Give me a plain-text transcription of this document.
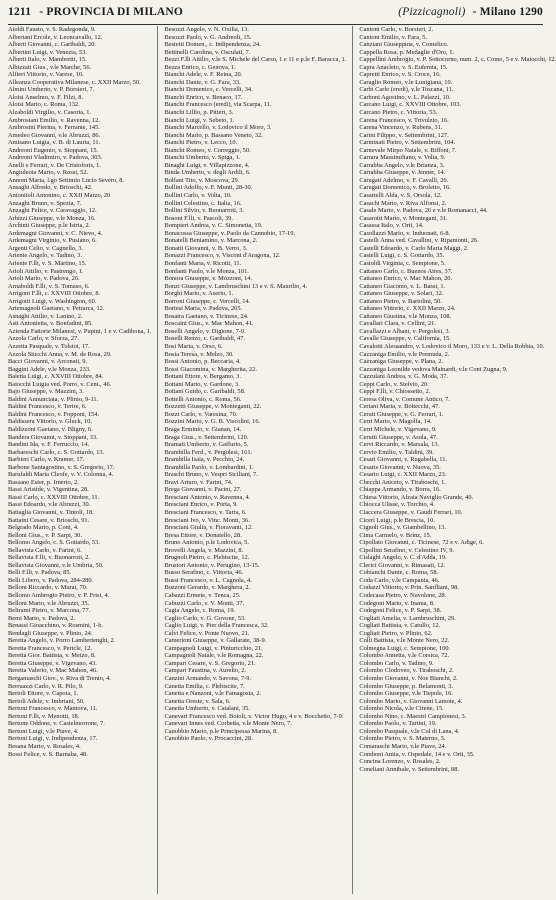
1211 - PROVINCIA DI MILANO	(Pizzicagnoli) - Milano 1290
Aioldi Fausto, v. S. Radegonda, 9.
Albertani Ercole, v. Leoncavallo, 12.
Alberti Giovanni, c. Garibaldi, 20.
Albertini Luigi, v. Venezia, 53.
Alberti Italo, v. Mambretti, 15.
Albizzati Gius., v.le Marche, 56.
Alfieri Vittorio, v. Varese, 10.
Alleanza Cooperativa Milanese, c. XXII Marzo, 50.
Almini Umberto, v. P. Borsieri, 7.
Aloisi Anselmo, v. F. Filzi, 8.
Aloisi Mario, c. Roma, 132.
Alzaboldi Virgilio, v. Casoria, 1.
Ambrosiani Emilio, v. Ravenna, 12.
Ambrosini Pierina, v. Ferrante, 145.
Amedeo Giovanni, v.le Abruzzi, 86.
Amisano Luigia, v. B. di Lauria, 11.
Andreoni Eugenio, v. Stoppani, 15.
Andreoni Vladimiro, v. Padova, 303.
Anelli e Ferrari, v. De Cristoforis, 1.
Angiuleoia Mario, v. Rossi, 52.
Annoni Maria, l.go Settimio Lucio Severo, 8.
Ansaghi Alfredo, v. Brioschi, 42.
Antoniioli Antonino, c. XXII Marzo, 20
Anzaghi Bruno, v. Spezia, 7.
Anzaghi Felice, v. Caravaggio, 12.
Arbizzi Giuseppe, v.le Monza, 16.
Archinti Giuseppe, p.le Istria, 2.
Ardemagni Giovanni, v. C. Nievo, 4.
Ardemagni Virginio, v. Pusiano, 6.
Argenti Celio, v. Cagnello, 3.
Ariente Angelo, v. Tadino, 3.
Ariente F.lli, v. S. Martino, 15.
Arioli Attilio, v. Pastrengo, 1.
Arioli Mario, v. Padova, 26.
Arnaboldi F.lli, v. S. Tomaso, 6.
Arrigoni F.lli, c. XXVIII Ottobre, 8.
Arrigotti Luigi, v. Washington, 60.
Artemagnoli Gaetano, v. Petrarca, 12.
Asnaghi Attilio, v. Lanino, 2.
Asti Antonietta, v. Bonfadini, 85.
Azienda Fattorie Milanesi, v. Pupini, 1 e v. Cadibona, 1.
Azzola Carlo, v. Sforza, 27.
Azzetta Pasquale, v. Tolstoi, 17.
Azzola Stucchi Anna, v. M. de Rosa, 29.
Bacci Giovanni, v. Arconati, 9.
Baggini Adele, v.le Monza, 233.
Baietta Luigi, c. XXVIII Ottobre, 84.
Baiocchi Luigia ved. Porro, v. Cent., 46.
Bajo Giuseppe, v. Mazzini, 3.
Baldini Annunciata, v. Plinio, 9-11.
Baldini Francesco, v. Tertre, 6.
Baldini Francesco, v. Fopponi, 154.
Baldissera Vittorio, v. Gluck, 10.
Baldizzoni Gaetano, v. Bligny, 6.
Bandera Giovanni, v. Stoppani, 33.
Bandini Ida, v. F. Ferruccio, 14.
Barbareschi Carlo, c. S. Gottardo, 13.
Barbieri Carlo, v. Kramer, 17.
Barbone Santagostino, v. S. Gregorio, 17.
Barufaldi Maria Cleofe, v. V. Colonna, 4.
Bassano Ester, p. Irnerio, 2.
Bassi Aristide, v. Vigentina, 28.
Bassi Carlo, c. XXVIII Ottobre, 11.
Bassi Edoardo, v.le Abruzzi, 30.
Battaglia Giovanni, v. Tintoli, 18.
Battaini Cesare, v. Brioschi, 91.
Belgrado Mario, p. Coni, 4.
Belloni Gius., v. P. Sarpi, 30.
Bellomo Angelo, c. S. Gottardo, 53.
Bellavista Carlo, v. Farini, 6.
Bellavista F.lli, v. Buonarroti, 2.
Bellavista Giovanni, v.le Umbria, 50.
Belli F.lli, v. Padova, 85.
Belli Libero, v. Padova, 284-280.
Belloni Riccardo, v. Murat, 70.
Bellomo Ambrogio Pietro, v. P. Frisi, 4.
Belloni Mario, v.le Abruzzi, 35.
Beltrami Pietro, v. Marcona, 77.
Bemi Mario, v. Padova, 2.
Benassi Gioacchino, v. Rosmini, 1-b.
Bendagli Giuseppe, v. Plinio, 24.
Beretta Angelo, v. Porro Lambertenghi, 2.
Beretta Francesco, v. Pericle, 12.
Beretta Gior. Battista, v. Metzo, 8.
Beretta Giuseppe, v. Vigevano, 43.
Beretta Valerio, v. Mac Mahon, 46.
Bergamaschi Giov., v. Riva di Trento, 4.
Berruazzi Carlo, v. R. Pilo, 9.
Bertoli Ettore, v. Capoia, 1.
Bertoli Adele, v. Imbriani, 50.
Bertoni Francesco, v. Mantova, 11.
Bertoni F.lli, v. Menotti, 18.
Bertone Oddone, v. Castelmorrone, 7.
Bertoni Luigi, v.le Piave, 4.
Bertoni Luigi, v. Indipendenza, 17.
Besana Mario, v. Rosales, 4.
Bossi Felice, v. S. Barnaba, 48.
Besozzi Angelo, v. N. Oxilia, 13.
Besozzi Paolo, v. G. Andreoli, 15.
Bestetti Domen., c. Indipendenza, 24.
Bettinelli Carolina, v. Osculati, 7.
Bezzi F.lli Attilio, v.le S. Michele del Carso, 1 e 11 e p.le F. Baracca, 1.
Bezza Enrico, c. Genova, 1.
Bianchi Adele, v. F. Reina, 20.
Bianchi Dante, v. G. Fara, 33.
Bianchi Domenico, c. Vercelli, 34.
Bianchi Enrico, v. Benaco, 17.
Bianchi Francesco (eredi), via Scarpa, 11.
Bianchi Lillio, p. Pitteri, 3.
Bianchi Luigi, v. Sebeto, 1.
Bianchi Marcello, v. Lodovico il Moro, 3.
Bianchi Mario, p. Bassano Veneto, 32.
Bianchi Pietro, v. Lecco, 10.
Bianchi Romeo, v. Correggio, 50.
Bianchi Umberto, v. Spiga, 1.
Binaghi Luigi, v. Villapizzone, 4.
Binda Umberto, v. degli Ardili, 6.
Bolfani Tito, v. Moscova, 29.
Bollini Adolfo, v. F. Munti, 28-30.
Bollini Carlo, v. Volta, 10.
Bollini Celestino, c. Italia, 16.
Bollini Silvio, v. Buonarroti, 3.
Bosoni F.lli, v. Pascoli, 39.
Bompieri Andrea, v. C. Simonetta, 19.
Bonacossa Giuseppe, v. Paolo da Cannobio, 17-19.
Bonatelli Beniamino, v. Marcona, 2.
Bonatti Giovanni, v. B. Verro, 3.
Bonazzi Francesco, v. Viscont d'Aragona, 12.
Bonfanti Maria, v. Ricotti, 11.
Bonfanti Paolo, v.le Monza, 101.
Bonora Giuseppe, v. Mozzoni, 14.
Bonzi Giuseppe, v. Lambruschini 13 e v. S. Maurilio, 4.
Borghi Mario, v. Aserio, 1.
Borroni Giuseppe, c. Vercelli, 14.
Bortesi Maria, v. Padova, 265.
Bosatra Gaetano, v. Ticinese, 24.
Boscaini Gius., v. Mac Mahon, 41.
Boselli Angelo, v. Digione, 7-9.
Boselli Renzo, c. Garibaldi, 47.
Bosi Maria, v. Orso, 6.
Bosia Teresa, v. Melzo, 30.
Bossi Antonio, p. Beccaria, 4.
Bossi Giacomina, v. Margherita, 22.
Bottani Ettore, v. Bergamo, 3.
Bottani Mario, v. Gardone, 3.
Bottani Guido, c. Garibaldi, 58.
Bottelli Antonio, c. Roma, 56.
Bozzetti Giuseppe, v. Monteganti, 22.
Bozzi Carlo, v. Varesina, 70.
Bozzini Mario, v. G. B. Viscolini, 16.
Braga Erminio, v. Gianan, 14.
Braga Gius., v. Settembrini, 120.
Bramati Umberto, v. Gaffurio, 5.
Brambilla Ferd., v. Pergolesi, 161.
Brambilla Isaia, v. Pecchio, 24.
Brambilla Paolo, v. Lombardini, 1.
Braschi Bruno, v. Vespri Siciliani, 7.
Bravi Arturo, v. Farini, 74.
Brega Giovanni, v. Pacini, 27.
Bresciani Antonio, v. Ravenna, 4.
Bresciani Enrico, v. Porta, 9.
Bresciani Francesco, v. Tarra, 6.
Bresciani Ivo, v. Vinc. Monti, 36.
Bresciani Giulia, v. Fioravanti, 12.
Bresa Ettore, v. Donatello, 28.
Bruno Antonio, p.le Lodovica, 5.
Brovelli Angela, v. Mazzini, 8.
Brugnoli Pietro, c. Plebiscite, 12.
Brustori Antonio, v. Perugino, 13-15.
Busso Serafino, c. Vittoria, 46.
Bussi Francesco, v. L. Cagnola, 4.
Buzzoni Gerardo, v. Marghera, 2.
Cabazzi Ermete, v. Tenca, 25.
Cabuzzi Carlo, v. V. Monti, 37.
Cagia Angelo, c. Roma, 19.
Caglio Carlo, v. G. Govone, 53.
Caglio Luigi, v. Pier della Francesca, 32.
Calvi Felice, v. Ponte Nuovo, 21.
Camerioni Giuseppe, v. Gallarate, 38-9.
Campagnoli Luigi, v. Pinturicchio, 21.
Campagnoli Natale, v.le Romagna, 22.
Campari Cesare, v. S. Gregorio, 21.
Campari Faustina, v. Aurelio, 2.
Canzini Armando, v. Savona, 7-9.
Canetta Emilia, c. Plebiscite, 7.
Canetta e Nanzoni, v.le Famagosta, 2.
Canetta Oreste, v. Sala, 6.
Canetta Umberto, v. Catalani, 35.
Canevari Francesco ved. Boioli, v. Victor Hugo, 4 e v. Bocchetto, 7-9.
Canevari Innes ved. Corbetta, v.le Monte Nero, 7.
Canobbio Mario, p.le Principessa Marina, 8.
Canobbio Paolo, v. Procaccini, 28.
Cantoni Carlo, v. Borsieri, 2.
Cantoni Emilio, v. Fara, 5.
Canziani Giuseppina, v. Comelico.
Cappella Rosa, p. Medaglie d'Oro, 1.
Cappellini Ambrogio, v. P. Sottocorno, num. 2, c. Como, 5 e v. Maiocchi, 12.
Capra Anacleto, v. S. Eufemia, 15.
Capretti Enrico, v. S. Croce, 16.
Caraglio Romeo, v.le Lunigiana, 10.
Carbi Carlo (eredi), v.le Toscana, 11.
Carboni Agostino, v. L. Palazzi, 10.
Carcano Luigi, c. XXVIII Ottobre, 103.
Carcano Pietro, c. Vittoria, 53.
Carena Francesco, v. Trivulzio, 16.
Carena Vincenzo, v. Rubens, 31.
Carini Filippo, v. Settembrini, 127.
Carminati Pietro, v. Settembrini, 104.
Carnevale Mirpo Natale, v. Biffoni, 7.
Carrara Massimiliano, v. Volta, 9.
Carrabba Angelo, v.le Brianza, 3.
Carrabba Giuseppe, v. Jenner, 14.
Carugati Adelmo, v. F. Cavalli, 26.
Carugati Domenico, v. Broletto, 16.
Casartelli Alda, v. S. Orsola, 12.
Casachi Mario, v. Riva Alfonsi, 2.
Casale Mario, v. Padova, 26 e v.le Romanacci, 44.
Casarotti Mario, v. Montegani, 31.
Casassa Italo, v. Orti, 14.
Casollazzi Mario, v. Induonati, 6-8.
Castelli Anna ved. Cavallini, v. Ripamonti, 26.
Castelli Edoardo, v. Carlo Maria Maggi, 2.
Castelli Luigi, c. S. Gottardo, 35.
Castoldi Virginia, c. Sempione, 5.
Cattaneo Carlo, c. Buenos Aires, 37.
Cattaneo Enrico, v. Mac Mahon, 20.
Cattaneo Giacomo, v. L. Bassi, 1.
Cattaneo Giuseppe, v. Solari, 32.
Cattaneo Pietro, v. Bartolini, 50.
Cattaneo Vittorio, c. XXII Marzo, 24.
Cattaneo Giustina, v.le Monza, 108.
Cavallari Clara, v. Cellini, 21.
Cavallazzi e Albani, v. Pergolesi, 3.
Cavalle Giuseppe, v. California, 15.
Cavalotti Alessandro, v. Lodovico il Moro, 133 e v. L. Della Robbia, 10.
Cazzaniga Emilio, v.le Premuda, 2.
Cazzaniga Giuseppe, v. Plana, 2.
Cazzaniga Leonilde vedova Mainardi, v.le Coni Zugna, 9.
Cazzulani Andrea, v. G. Moda, 37.
Ceppi Carlo, v. Stelvio, 20.
Ceppi F.lli, v. Chiossetto, 2.
Ceresa Oliva, v. Comune Antico, 7.
Ceriani Maria, v. Bottecchi, 47.
Ceruti Giuseppe, v. G. Ferrari, 1.
Cerri Mario, v. Magolfa, 14.
Cerri Michele, v. Vigevano, 9.
Cerutti Giuseppe, v. Asola, 47.
Cervi Riccardo, v. Marsala, 13.
Cervio Emilio, v. Taldini, 39.
Cesari Giovanni, v. Rugabella, 11.
Cesaris Giovanni, v. Nuova, 35.
Cesario Luigi, c. XXII Marzo, 23.
Checchi Aniceto, v. Tiraboschi, 1.
Chiappa Armando, v. Borra, 16.
Chiesa Vittorio, Alzaia Naviglio Grande, 40.
Chiocca Ulisse, v. Torchio, 4.
Ciaccera Giuseppe, v. Gaudi Ferrari, 10.
Cicerì Luigi, p.le Brescia, 10.
Cignoli Gius., v. Giambellino, 13.
Cima Carmelo, v. Brinz, 15.
Cipollato Giovanni, c. Ticinese, 72 e v. Adige, 6.
Cipollini Serafino, v. Celestino IV, 9.
Cislaghi Angelo, v. C. d'Adda, 19.
Clerici Giovanni, v. Rimasati, 12.
Cobianchi Dante, c. Roma, 58.
Coda Carlo, v.le Campania, 46.
Codazzi Vittorio, v. Prin. Sanfliani, 98.
Codecasa Pietro, v. Nuvolone, 28.
Codegoni Mario, v. Inama, 8.
Codegoni Felice, v. P. Sarpi, 38.
Cogliati Amelia, v. Lambruschini, 29.
Cogliati Battista, v. Catullo, 12.
Cogliati Pietro, v. Plinio, 62.
Colli Battista, v.le Monte Nero, 22.
Colmegna Luigi, c. Sempione, 100.
Colombo Annetta, v.le Corsica, 72.
Colombo Carlo, v. Tadino, 9.
Colombo Clodoveo, v. Tiraboschi, 2.
Colombo Giovanni, v. Noe Bianchi, 2.
Colombo Giuseppe, p. Belamonti, 3.
Colombo Giuseppe, v.le Tiepole, 16.
Colombo Mario, v. Giovanni Lamote, 4.
Colombo Nicola, v.le Cirene, 15.
Colombo Nino, c. Maestri Campionesi, 3.
Colombo Paolo, v. Tartini, 19.
Colombo Pasquale, v.le Col di Lana, 4.
Colombo Pietro, v. S. Materno, 5.
Comaraschi Mario, v.le Piave, 24.
Comboni Anita, v. Ospedale, 14 e v. Orti, 35.
Concina Lorenzo, v. Rosales, 2.
Coneliani Annibale, v. Settembrini, 88.
